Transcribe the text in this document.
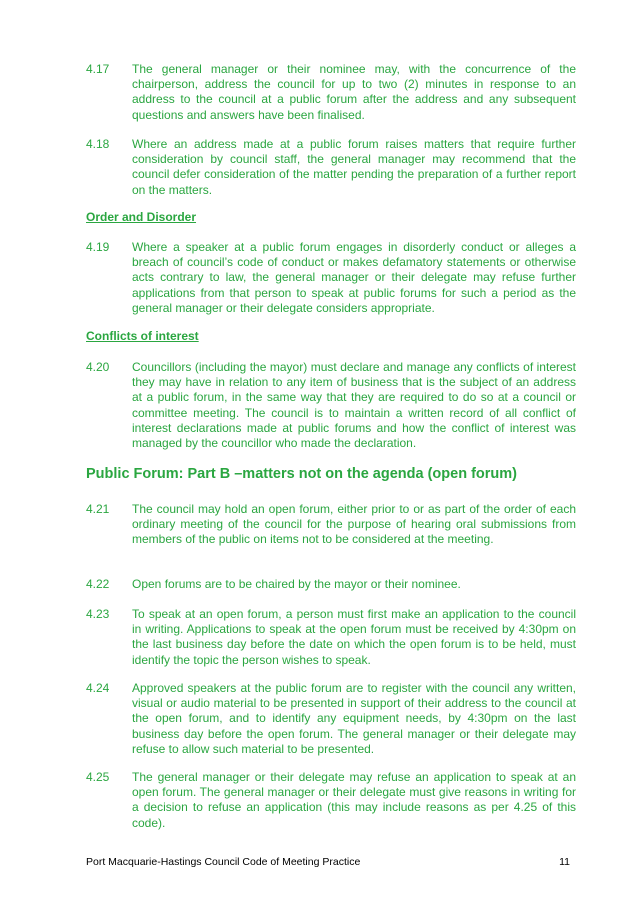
4.17	The general manager or their nominee may, with the concurrence of the chairperson, address the council for up to two (2) minutes in response to an address to the council at a public forum after the address and any subsequent questions and answers have been finalised.
4.18	Where an address made at a public forum raises matters that require further consideration by council staff, the general manager may recommend that the council defer consideration of the matter pending the preparation of a further report on the matters.
Order and Disorder
4.19	Where a speaker at a public forum engages in disorderly conduct or alleges a breach of council’s code of conduct or makes defamatory statements or otherwise acts contrary to law, the general manager or their delegate may refuse further applications from that person to speak at public forums for such a period as the general manager or their delegate considers appropriate.
Conflicts of interest
4.20	Councillors (including the mayor) must declare and manage any conflicts of interest they may have in relation to any item of business that is the subject of an address at a public forum, in the same way that they are required to do so at a council or committee meeting. The council is to maintain a written record of all conflict of interest declarations made at public forums and how the conflict of interest was managed by the councillor who made the declaration.
Public Forum: Part B –matters not on the agenda (open forum)
4.21	The council may hold an open forum, either prior to or as part of the order of each ordinary meeting of the council for the purpose of hearing oral submissions from members of the public on items not to be considered at the meeting.
4.22	Open forums are to be chaired by the mayor or their nominee.
4.23	To speak at an open forum, a person must first make an application to the council in writing. Applications to speak at the open forum must be received by 4:30pm on the last business day before the date on which the open forum is to be held, must identify the topic the person wishes to speak.
4.24	Approved speakers at the public forum are to register with the council any written, visual or audio material to be presented in support of their address to the council at the open forum, and to identify any equipment needs, by 4:30pm on the last business day before the open forum. The general manager or their delegate may refuse to allow such material to be presented.
4.25	The general manager or their delegate may refuse an application to speak at an open forum. The general manager or their delegate must give reasons in writing for a decision to refuse an application (this may include reasons as per 4.25 of this code).
Port Macquarie-Hastings Council Code of Meeting Practice	11
